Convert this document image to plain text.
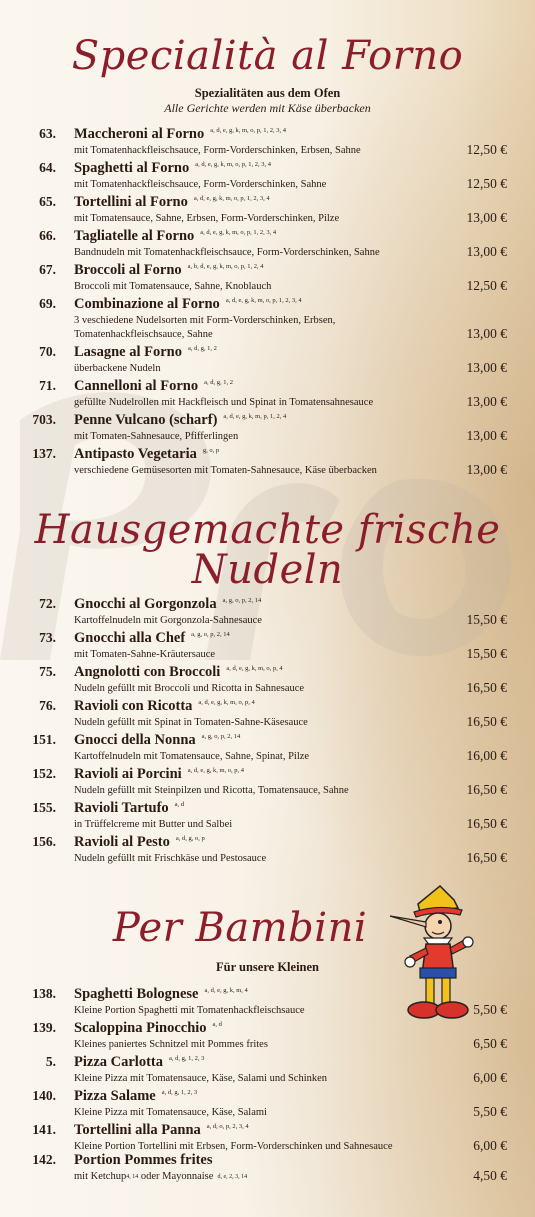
Specialità al Forno
Spezialitäten aus dem Ofen
Alle Gerichte werden mit Käse überbacken
63. Maccheroni al Forno $^{a, d, e, g, k, m, o, p, 1, 2, 3, 4}$
mit Tomatenhackfleischsauce, Form-Vorderschinken, Erbsen, Sahne	12,50 €
64. Spaghetti al Forno $^{a, d, e, g, k, m, o, p, 1, 2, 3, 4}$
mit Tomatenhackfleischsauce, Form-Vorderschinken, Sahne	12,50 €
65. Tortellini al Forno $^{a, d, e, g, k, m, o, p, 1, 2, 3, 4}$
mit Tomatensauce, Sahne, Erbsen, Form-Vorderschinken, Pilze	13,00 €
66. Tagliatelle al Forno $^{a, d, e, g, k, m, o, p, 1, 2, 3, 4}$
Bandnudeln mit Tomatenhackfleischsauce, Form-Vorderschinken, Sahne	13,00 €
67. Broccoli al Forno $^{a, b, d, e, g, k, m, o, p, 1, 2, 4}$
Broccoli mit Tomatensauce, Sahne, Knoblauch	12,50 €
69. Combinazione al Forno $^{a, d, e, g, k, m, o, p, 1, 2, 3, 4}$
3 veschiedene Nudelsorten mit Form-Vorderschinken, Erbsen,
Tomatenhackfleischsauce, Sahne	13,00 €
70. Lasagne al Forno $^{a, d, g, 1, 2}$
überbackene Nudeln	13,00 €
71. Cannelloni al Forno $^{a, d, g, 1, 2}$
gefüllte Nudelrollen mit Hackfleisch und Spinat in Tomatensahnesauce	13,00 €
703. Penne Vulcano (scharf) $^{a, d, e, g, k, m, p, 1, 2, 4}$
mit Tomaten-Sahnesauce, Pfifferlingen	13,00 €
137. Antipasto Vegetaria $^{g, o, p}$
verschiedene Gemüsesorten mit Tomaten-Sahnesauce, Käse überbacken	13,00 €
Hausgemachte frische Nudeln
72. Gnocchi al Gorgonzola $^{a, g, o, p, 2, 14}$
Kartoffelnudeln mit Gorgonzola-Sahnesauce	15,50 €
73. Gnocchi alla Chef $^{a, g, o, p, 2, 14}$
mit Tomaten-Sahne-Kräutersauce	15,50 €
75. Angnolotti con Broccoli $^{a, d, e, g, k, m, o, p, 4}$
Nudeln gefüllt mit Broccoli und Ricotta in Sahnesauce	16,50 €
76. Ravioli con Ricotta $^{a, d, e, g, k, m, o, p, 4}$
Nudeln gefüllt mit Spinat in Tomaten-Sahne-Käsesauce	16,50 €
151. Gnocci della Nonna $^{a, g, o, p, 2, 14}$
Kartoffelnudeln mit Tomatensauce, Sahne, Spinat, Pilze	16,00 €
152. Ravioli ai Porcini $^{a, d, e, g, k, m, o, p, 4}$
Nudeln gefüllt mit Steinpilzen und Ricotta, Tomatensauce, Sahne	16,50 €
155. Ravioli Tartufo $^{a, d}$
in Trüffelcreme mit Butter und Salbei	16,50 €
156. Ravioli al Pesto $^{a, d, g, o, p}$
Nudeln gefüllt mit Frischkäse und Pestosauce	16,50 €
Per Bambini
Für unsere Kleinen
138. Spaghetti Bolognese $^{a, d, e, g, k, m, 4}$
Kleine Portion Spaghetti mit Tomatenhackfleischsauce	5,50 €
139. Scaloppina Pinocchio $^{a, d}$
Kleines paniertes Schnitzel mit Pommes frites	6,50 €
5. Pizza Carlotta $^{a, d, g, 1, 2, 3}$
Kleine Pizza mit Tomatensauce, Käse, Salami und Schinken	6,00 €
140. Pizza Salame $^{a, d, g, 1, 2, 3}$
Kleine Pizza mit Tomatensauce, Käse, Salami	5,50 €
141. Tortellini alla Panna $^{a, d, o, p, 2, 3, 4}$
Kleine Portion Tortellini mit Erbsen, Form-Vorderschinken und Sahnesauce	6,00 €
142. Portion Pommes frites
mit Ketchup$^{4, 14}$ oder Mayonnaise $^{d, e, 2, 3, 14}$	4,50 €
